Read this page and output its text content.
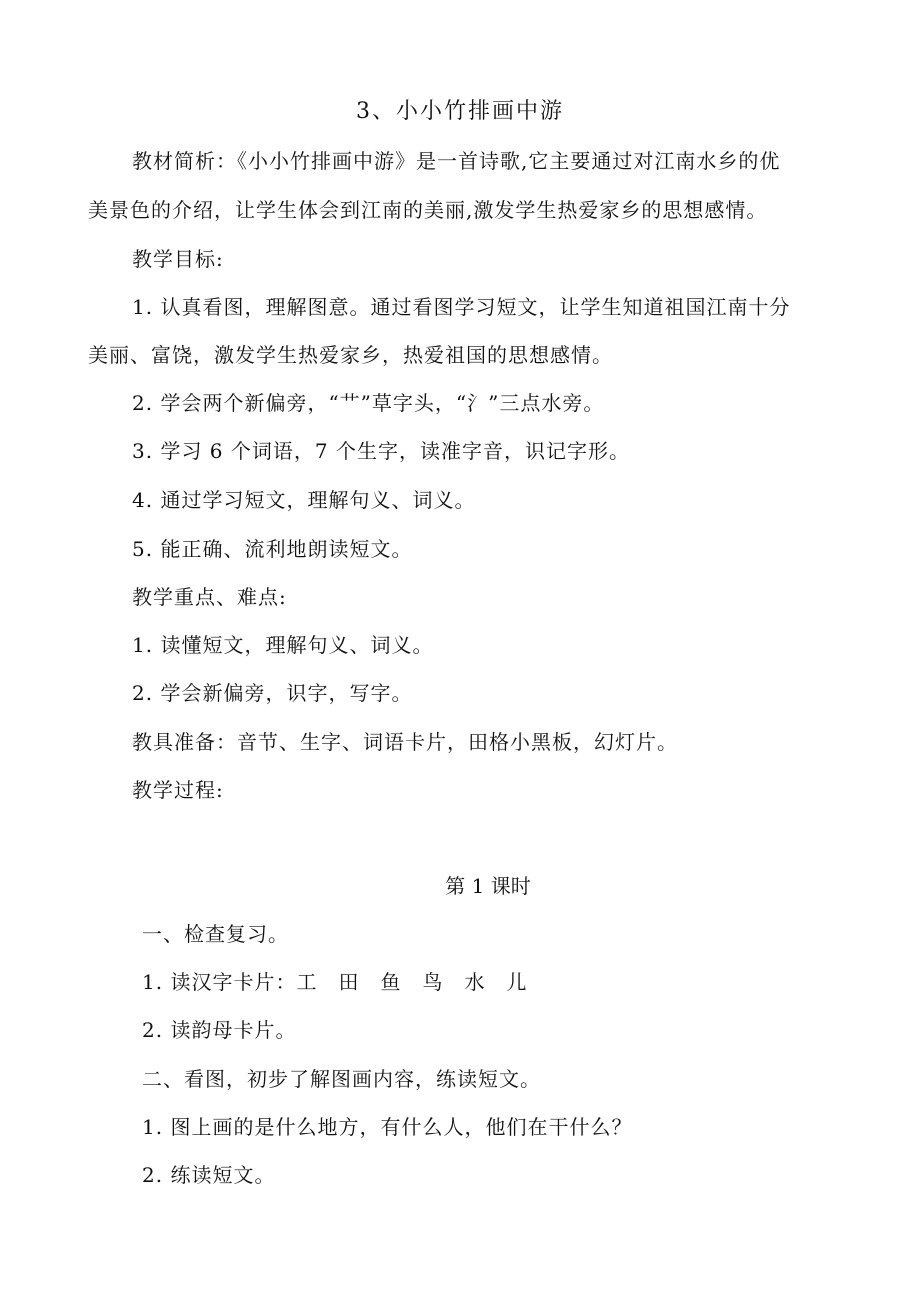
3、小小竹排画中游
教材简析：《小小竹排画中游》是一首诗歌,它主要通过对江南水乡的优
美景色的介绍，让学生体会到江南的美丽,激发学生热爱家乡的思想感情。
教学目标:
1. 认真看图，理解图意。通过看图学习短文，让学生知道祖国江南十分
美丽、富饶，激发学生热爱家乡，热爱祖国的思想感情。
2. 学会两个新偏旁，“艹”草字头，“氵”三点水旁。
3. 学习 6 个词语，7 个生字，读准字音，识记字形。
4. 通过学习短文，理解句义、词义。
5. 能正确、流利地朗读短文。
教学重点、难点:
1. 读懂短文，理解句义、词义。
2. 学会新偏旁，识字，写字。
教具准备：音节、生字、词语卡片，田格小黑板，幻灯片。
教学过程:
第 1 课时
一、检查复习。
1. 读汉字卡片：工　田　鱼　鸟　水　儿
2. 读韵母卡片。
二、看图，初步了解图画内容，练读短文。
1. 图上画的是什么地方，有什么人，他们在干什么？
2. 练读短文。
